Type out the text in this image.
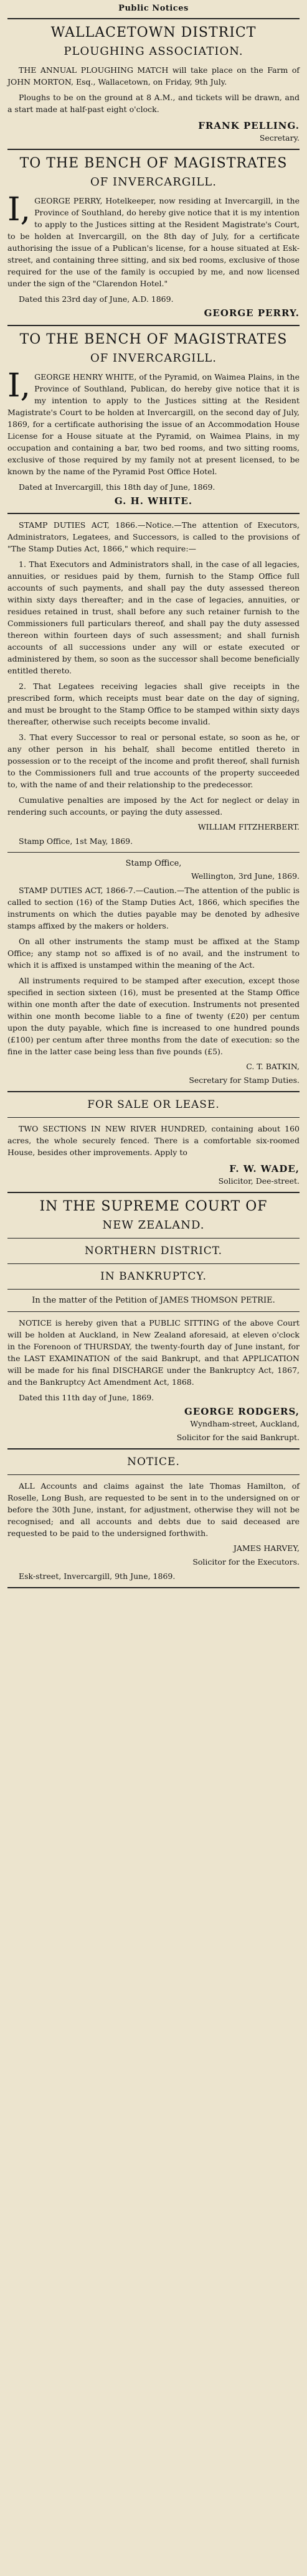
Public Notices
WALLACETOWN DISTRICT
PLOUGHING ASSOCIATION.

THE ANNUAL PLOUGHING MATCH will take place on the Farm of JOHN MORTON, Esq., Wallacetown, on Friday, 9th July.

Ploughs to be on the ground at 8 A.M., and tickets will be drawn, and a start made at half-past eight o'clock.

FRANK PELLING.

Secretary.

TO THE BENCH OF MAGISTRATES
OF INVERCARGILL.

I, GEORGE PERRY, Hotelkeeper, now residing at Invercargill, in the Province of Southland, do hereby give notice that it is my intention to apply to the Justices sitting at the Resident Magistrate's Court, to be holden at Invercargill, on the 8th day of July, for a certificate authorising the issue of a Publican's license, for a house situated at Esk-street, and containing three sitting, and six bed rooms, exclusive of those required for the use of the family is occupied by me, and now licensed under the sign of the "Clarendon Hotel."

Dated this 23rd day of June, A.D. 1869.

GEORGE PERRY.

TO THE BENCH OF MAGISTRATES
OF INVERCARGILL.

I, GEORGE HENRY WHITE, of the Pyramid, on Waimea Plains, in the Province of Southland, Publican, do hereby give notice that it is my intention to apply to the Justices sitting at the Resident Magistrate's Court to be holden at Invercargill, on the second day of July, 1869, for a certificate authorising the issue of an Accommodation House License for a House situate at the Pyramid, on Waimea Plains, in my occupation and containing a bar, two bed rooms, and two sitting rooms, exclusive of those required by my family not at present licensed, to be known by the name of the Pyramid Post Office Hotel.

Dated at Invercargill, this 18th day of June, 1869.

G. H. WHITE.

STAMP DUTIES ACT, 1866.—Notice.—The attention of Executors, Administrators, Legatees, and Successors, is called to the provisions of "The Stamp Duties Act, 1866," which require:—

1. That Executors and Administrators shall, in the case of all legacies, annuities, or residues paid by them, furnish to the Stamp Office full accounts of such payments, and shall pay the duty assessed thereon within sixty days thereafter; and in the case of legacies, annuities, or residues retained in trust, shall before any such retainer furnish to the Commissioners full particulars thereof, and shall pay the duty assessed thereon within fourteen days of such assessment; and shall furnish accounts of all successions under any will or estate executed or administered by them, so soon as the successor shall become beneficially entitled thereto.

2. That Legatees receiving legacies shall give receipts in the prescribed form, which receipts must bear date on the day of signing, and must be brought to the Stamp Office to be stamped within sixty days thereafter, otherwise such receipts become invalid.

3. That every Successor to real or personal estate, so soon as he, or any other person in his behalf, shall become entitled thereto in possession or to the receipt of the income and profit thereof, shall furnish to the Commissioners full and true accounts of the property succeeded to, with the name of and their relationship to the predecessor.

Cumulative penalties are imposed by the Act for neglect or delay in rendering such accounts, or paying the duty assessed.

WILLIAM FITZHERBERT.

Stamp Office, 1st May, 1869.

Stamp Office,

Wellington, 3rd June, 1869.

STAMP DUTIES ACT, 1866-7.—Caution.—The attention of the public is called to section (16) of the Stamp Duties Act, 1866, which specifies the instruments on which the duties payable may be denoted by adhesive stamps affixed by the makers or holders.

On all other instruments the stamp must be affixed at the Stamp Office; any stamp not so affixed is of no avail, and the instrument to which it is affixed is unstamped within the meaning of the Act.

All instruments required to be stamped after execution, except those specified in section sixteen (16), must be presented at the Stamp Office within one month after the date of execution. Instruments not presented within one month become liable to a fine of twenty (£20) per centum upon the duty payable, which fine is increased to one hundred pounds (£100) per centum after three months from the date of execution: so the fine in the latter case being less than five pounds (£5).

C. T. BATKIN,

Secretary for Stamp Duties.

FOR SALE OR LEASE.

TWO SECTIONS IN NEW RIVER HUNDRED, containing about 160 acres, the whole securely fenced. There is a comfortable six-roomed House, besides other improvements. Apply to

F. W. WADE,

Solicitor, Dee-street.

IN THE SUPREME COURT OF
NEW ZEALAND.
NORTHERN DISTRICT.
IN BANKRUPTCY.
In the matter of the Petition of JAMES THOMSON PETRIE.

NOTICE is hereby given that a PUBLIC SITTING of the above Court will be holden at Auckland, in New Zealand aforesaid, at eleven o'clock in the Forenoon of THURSDAY, the twenty-fourth day of June instant, for the LAST EXAMINATION of the said Bankrupt, and that APPLICATION will be made for his final DISCHARGE under the Bankruptcy Act, 1867, and the Bankruptcy Act Amendment Act, 1868.

Dated this 11th day of June, 1869.

GEORGE RODGERS,

Wyndham-street, Auckland,

Solicitor for the said Bankrupt.

NOTICE.

ALL Accounts and claims against the late Thomas Hamilton, of Roselle, Long Bush, are requested to be sent in to the undersigned on or before the 30th June, instant, for adjustment, otherwise they will not be recognised; and all accounts and debts due to said deceased are requested to be paid to the undersigned forthwith.

JAMES HARVEY,

Solicitor for the Executors.

Esk-street, Invercargill, 9th June, 1869.
